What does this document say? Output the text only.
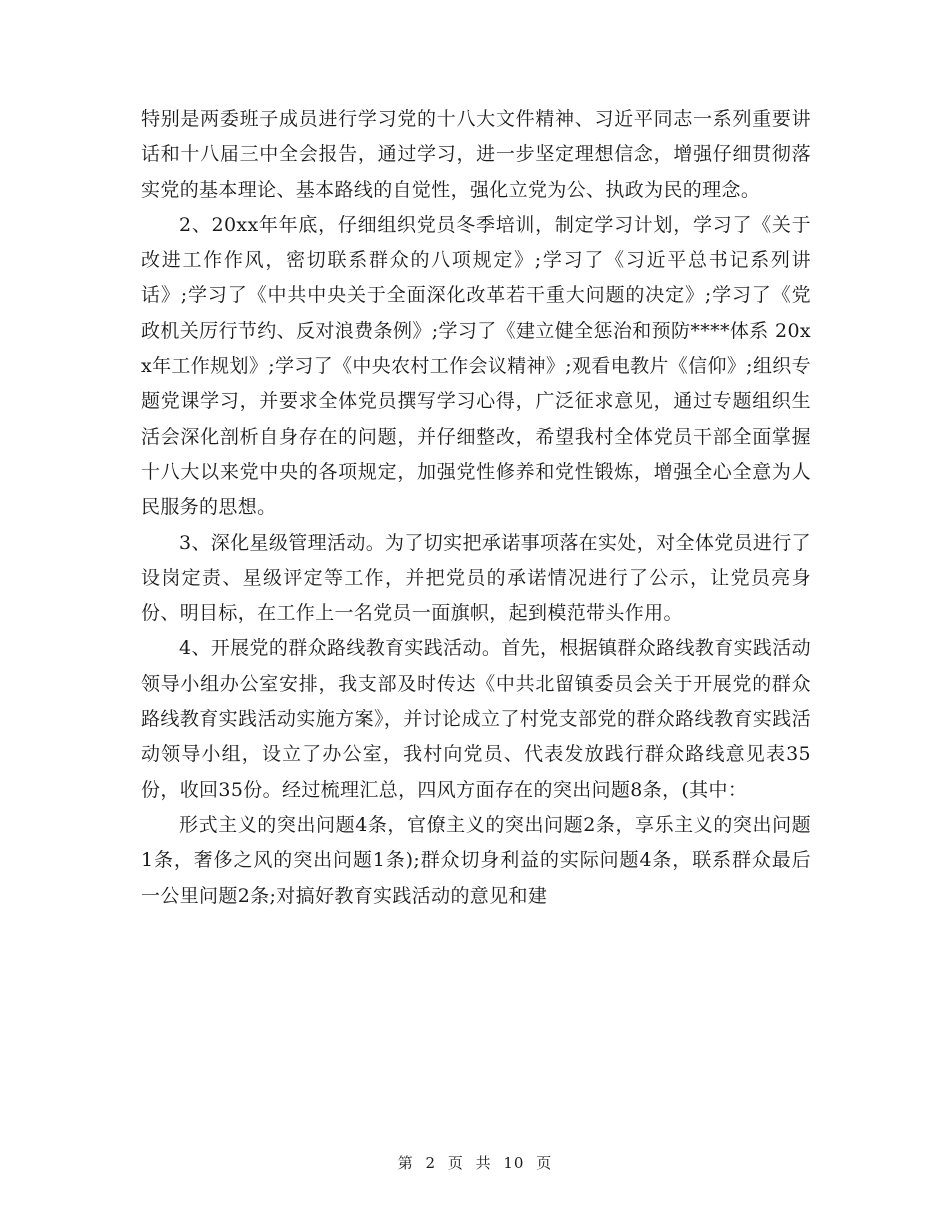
特别是两委班子成员进行学习党的十八大文件精神、习近平同志一系列重要讲话和十八届三中全会报告，通过学习，进一步坚定理想信念，增强仔细贯彻落实党的基本理论、基本路线的自觉性，强化立党为公、执政为民的理念。

2、20xx年年底，仔细组织党员冬季培训，制定学习计划，学习了《关于改进工作作风，密切联系群众的八项规定》;学习了《习近平总书记系列讲话》;学习了《中共中央关于全面深化改革若干重大问题的决定》;学习了《党政机关厉行节约、反对浪费条例》;学习了《建立健全惩治和预防****体系 20xx年工作规划》;学习了《中央农村工作会议精神》;观看电教片《信仰》;组织专题党课学习，并要求全体党员撰写学习心得，广泛征求意见，通过专题组织生活会深化剖析自身存在的问题，并仔细整改，希望我村全体党员干部全面掌握十八大以来党中央的各项规定，加强党性修养和党性锻炼，增强全心全意为人民服务的思想。

3、深化星级管理活动。为了切实把承诺事项落在实处，对全体党员进行了设岗定责、星级评定等工作，并把党员的承诺情况进行了公示，让党员亮身份、明目标，在工作上一名党员一面旗帜，起到模范带头作用。

4、开展党的群众路线教育实践活动。首先，根据镇群众路线教育实践活动领导小组办公室安排，我支部及时传达《中共北留镇委员会关于开展党的群众路线教育实践活动实施方案》，并讨论成立了村党支部党的群众路线教育实践活动领导小组，设立了办公室，我村向党员、代表发放践行群众路线意见表35份，收回35份。经过梳理汇总，四风方面存在的突出问题8条，(其中：

形式主义的突出问题4条，官僚主义的突出问题2条，享乐主义的突出问题1条，奢侈之风的突出问题1条);群众切身利益的实际问题4条，联系群众最后一公里问题2条;对搞好教育实践活动的意见和建

第 2 页 共 10 页
